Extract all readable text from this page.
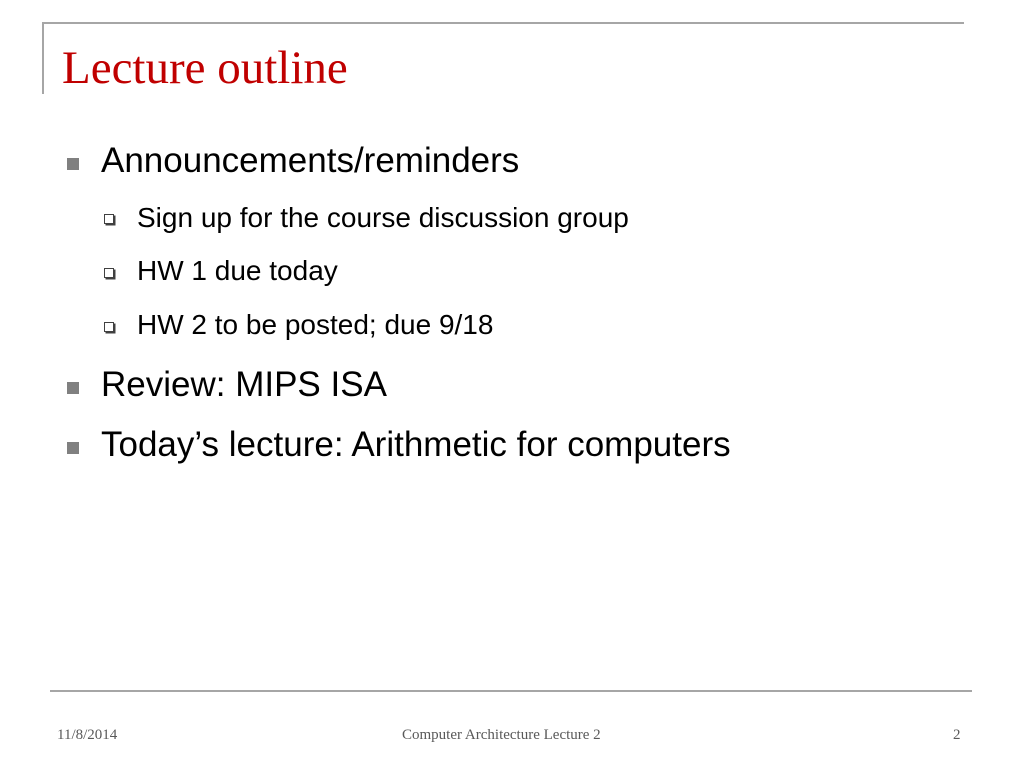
Lecture outline
Announcements/reminders
Sign up for the course discussion group
HW 1 due today
HW 2 to be posted; due 9/18
Review: MIPS ISA
Today’s lecture: Arithmetic for computers
11/8/2014	Computer Architecture Lecture 2	2
